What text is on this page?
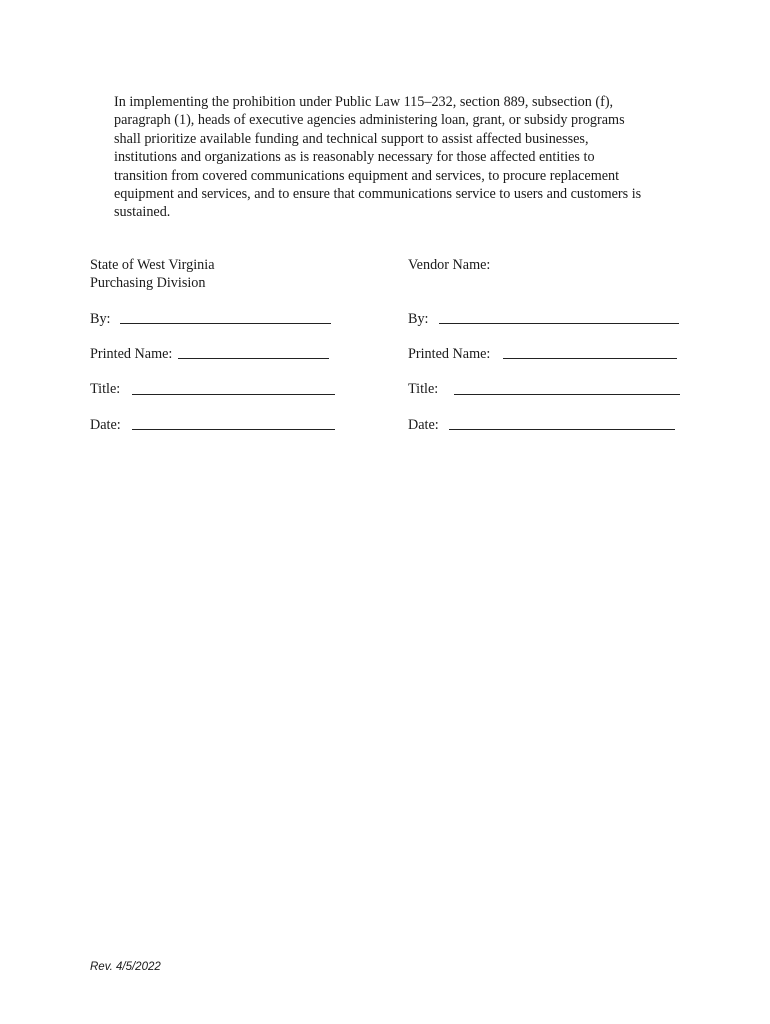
In implementing the prohibition under Public Law 115–232, section 889, subsection (f),
paragraph (1), heads of executive agencies administering loan, grant, or subsidy programs
shall prioritize available funding and technical support to assist affected businesses,
institutions and organizations as is reasonably necessary for those affected entities to
transition from covered communications equipment and services, to procure replacement
equipment and services, and to ensure that communications service to users and customers is
sustained.
State of West Virginia
Purchasing Division
By:
Printed Name:
Title:
Date:
Vendor Name:
By:
Printed Name:
Title:
Date:
Rev. 4/5/2022
